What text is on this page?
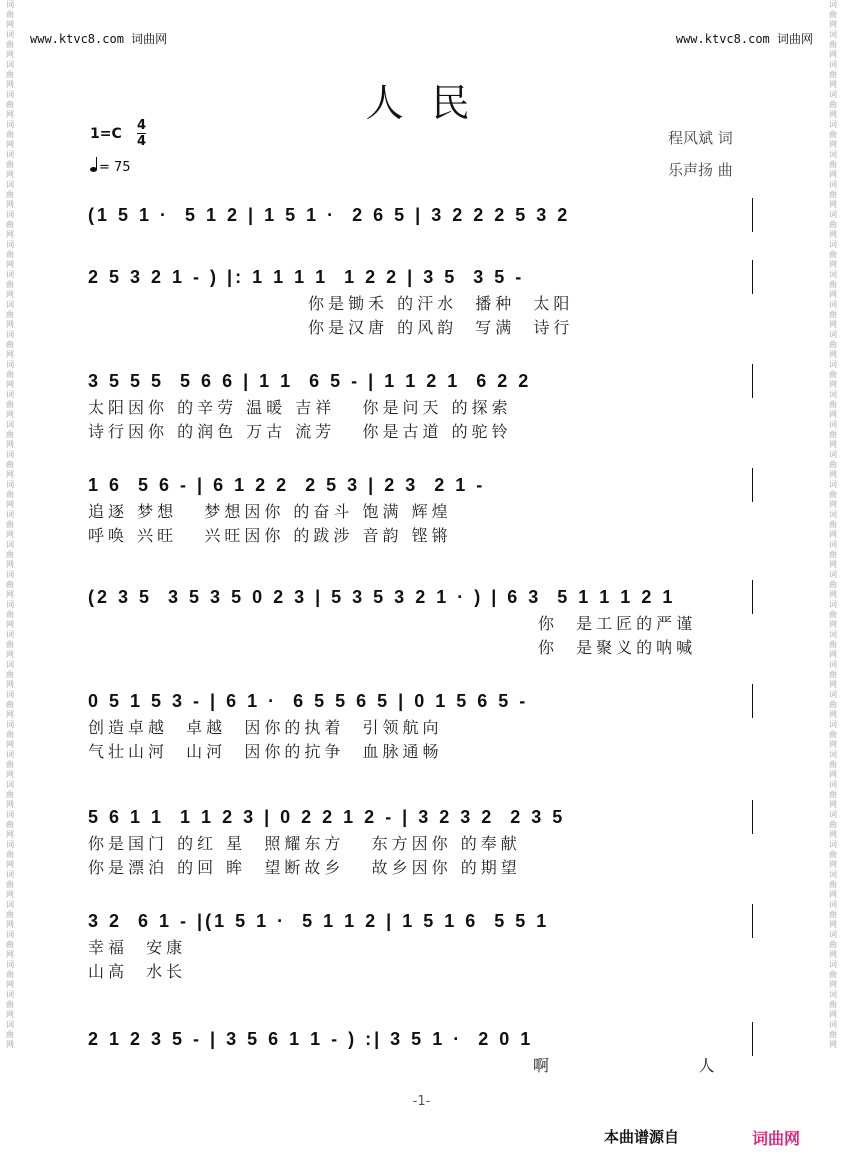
词曲网词曲网词曲网词曲网词曲网词曲网词曲网词曲网词曲网词曲网词曲网词曲网词曲网词曲网词曲网词曲网词曲网词曲网词曲网词曲网词曲网词曲网词曲网词曲网词曲网词曲网词曲网词曲网词曲网词曲网词曲网词曲网词曲网词曲网词曲网
词曲网词曲网词曲网词曲网词曲网词曲网词曲网词曲网词曲网词曲网词曲网词曲网词曲网词曲网词曲网词曲网词曲网词曲网词曲网词曲网词曲网词曲网词曲网词曲网词曲网词曲网词曲网词曲网词曲网词曲网词曲网词曲网词曲网词曲网词曲网
www.ktvc8.com 词曲网	www.ktvc8.com 词曲网
人 民
$1=C \frac{4}{4}$
= 75
程风斌 词
乐声扬 曲
(1 5 1 ·  5 1 2 | 1 5 1 ·  2 6 5 | 3 2 2 2 5 3 2
2 5 3 2 1 - ) |: 1 1 1 1  1 2 2 | 3 5  3 5 -
你是锄禾 的汗水  播种  太阳
你是汉唐 的风韵  写满  诗行
3 5 5 5  5 6 6 | 1 1  6 5 - | 1 1 2 1  6 2 2
太阳因你 的辛劳 温暖 吉祥   你是问天 的探索
诗行因你 的润色 万古 流芳   你是古道 的驼铃
1 6  5 6 - | 6 1 2 2  2 5 3 | 2 3  2 1 -
追逐 梦想   梦想因你 的奋斗 饱满 辉煌
呼唤 兴旺   兴旺因你 的跋涉 音韵 铿锵
(2 3 5  3 5 3 5 0 2 3 | 5 3 5 3 2 1 · ) | 6 3  5 1 1 1 2 1
你  是工匠的严谨
你  是聚义的呐喊
0 5 1 5 3 - | 6 1 ·  6 5 5 6 5 | 0 1 5 6 5 -
创造卓越  卓越  因你的执着  引领航向
气壮山河  山河  因你的抗争  血脉通畅
5 6 1 1  1 1 2 3 | 0 2 2 1 2 - | 3 2 3 2  2 3 5
你是国门 的红 星  照耀东方   东方因你 的奉献
你是漂泊 的回 眸  望断故乡   故乡因你 的期望
3 2  6 1 - |(1 5 1 ·  5 1 1 2 | 1 5 1 6  5 5 1
幸福  安康
山高  水长
2 1 2 3 5 - | 3 5 6 1 1 - ) :| 3 5 1 ·  2 0 1
啊                人
-1-
本曲谱源自	词曲网
